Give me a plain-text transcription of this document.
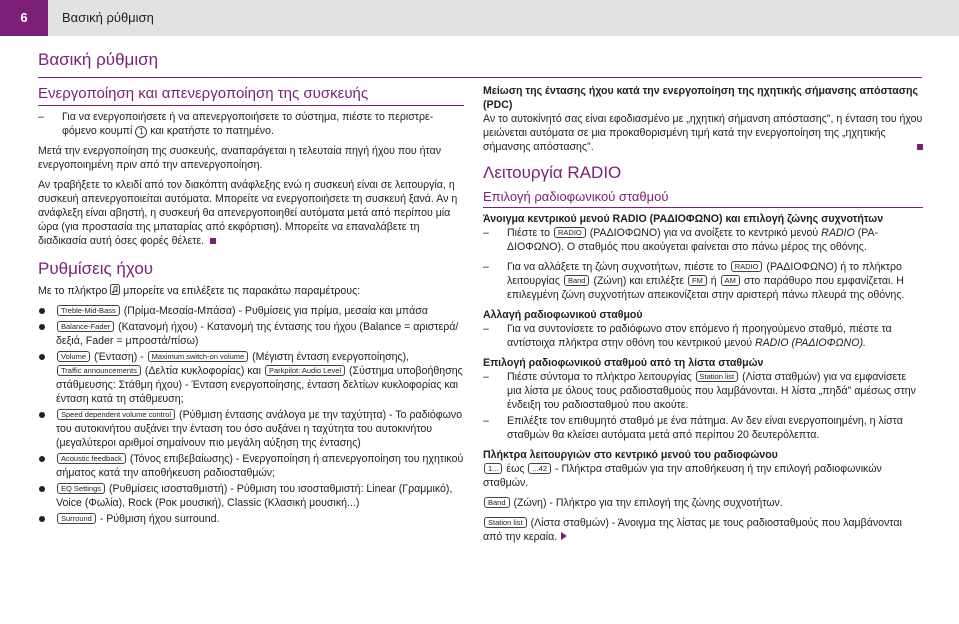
6	Βασική ρύθμιση
Βασική ρύθμιση
Ενεργοποίηση και απενεργοποίηση της συσκευής
– Για να ενεργοποιήσετε ή να απενεργοποιήσετε το σύστημα, πιέστε το περιστρεφόμενο κουμπί 1 και κρατήστε το πατημένο.

Μετά την ενεργοποίηση της συσκευής, αναπαράγεται η τελευταία πηγή ήχου που ήταν ενεργοποιημένη πριν από την απενεργοποίηση.

Αν τραβήξετε το κλειδί από τον διακόπτη ανάφλεξης ενώ η συσκευή είναι σε λειτουργία, η συσκευή απενεργοποιείται αυτόματα. Μπορείτε να ενεργοποιήσετε τη συσκευή ξανά. Αν η ανάφλεξη είναι αβηστή, η συσκευή θα απενεργοποιηθεί αυτόματα μετά από περίπου μία ώρα (για προστασία της μπαταρίας από εκφόρτιση). Μπορείτε να επαναλάβετε τη διαδικασία αυτή όσες φορές θέλετε.

Ρυθμίσεις ήχου

Με το πλήκτρο μπορείτε να επιλέξετε τις παρακάτω παραμέτρους:

Treble-Mid-Bass (Πρίμα-Μεσαία-Μπάσα) - Ρυθμίσεις για πρίμα, μεσαία και μπάσα
Balance-Fader (Κατανομή ήχου) - Κατανομή της έντασης του ήχου (Balance = αριστερά/δεξιά, Fader = μπροστά/πίσω)
Volume (Ένταση) - Maximum switch-on volume (Μέγιστη ένταση ενεργοποίησης), Traffic announcements (Δελτία κυκλοφορίας) και Parkpilot: Audio Level (Σύστημα υποβοήθησης στάθμευσης: Στάθμη ήχου) - Ένταση ενεργοποίησης, ένταση δελτίων κυκλοφορίας και ένταση κατά τη στάθμευση;
Speed dependent volume control (Ρύθμιση έντασης ανάλογα με την ταχύτητα) - Το ραδιόφωνο του αυτοκινήτου αυξάνει την ένταση του όσο αυξάνει η ταχύτητα του αυτοκινήτου (μεγαλύτεροι αριθμοί σημαίνουν πιο μεγάλη αύξηση της έντασης)
Acoustic feedback (Τόνος επιβεβαίωσης) - Ενεργοποίηση ή απενεργοποίηση του ηχητικού σήματος κατά την αποθήκευση ραδιοσταθμών;
EQ Settings (Ρυθμίσεις ισοσταθμιστή) - Ρύθμιση του ισοσταθμιστή: Linear (Γραμμικό), Voice (Φωλία), Rock (Ροκ μουσική), Classic (Κλασική μουσική...)
Surround - Ρύθμιση ήχου surround.

Μείωση της έντασης ήχου κατά την ενεργοποίηση της ηχητικής σήμανσης απόστασης (PDC)

Αν το αυτοκίνητό σας είναι εφοδιασμένο με „ηχητική σήμανση απόστασης", η ένταση του ήχου μειώνεται αυτόματα σε μια προκαθορισμένη τιμή κατά την ενεργοποίηση της „ηχητικής σήμανσης απόστασης".

Λειτουργία RADIO
Επιλογή ραδιοφωνικού σταθμού

Άνοιγμα κεντρικού μενού RADIO (ΡΑΔΙΟΦΩΝΟ) και επιλογή ζώνης συχνοτήτων

– Πιέστε το RADIO (ΡΑΔΙΟΦΩΝΟ) για να ανοίξετε το κεντρικό μενού RADIO (ΡΑΔΙΟΦΩΝΟ). Ο σταθμός που ακούγεται φαίνεται στο πάνω μέρος της οθόνης.
– Για να αλλάξετε τη ζώνη συχνοτήτων, πιέστε το RADIO (ΡΑΔΙΟΦΩΝΟ) ή το πλήκτρο λειτουργίας Band (Ζώνη) και επιλέξτε FM ή AM στο παράθυρο που εμφανίζεται. Η επιλεγμένη ζώνη συχνοτήτων απεικονίζεται στην αριστερή πάνω πλευρά της οθόνης.

Αλλαγή ραδιοφωνικού σταθμού

– Για να συντονίσετε το ραδιόφωνο στον επόμενο ή προηγούμενο σταθμό, πιέστε τα αντίστοιχα πλήκτρα στην οθόνη του κεντρικού μενού RADIO (ΡΑΔΙΟΦΩΝΟ).

Επιλογή ραδιοφωνικού σταθμού από τη λίστα σταθμών

– Πιέστε σύντομα το πλήκτρο λειτουργίας Station list (Λίστα σταθμών) για να εμφανίσετε μια λίστα με όλους τους ραδιοσταθμούς που λαμβάνονται. Η λίστα „πηδά" αμέσως στην ένδειξη του ραδιοσταθμού που ακούτε.
– Επιλέξτε τον επιθυμητό σταθμό με ένα πάτημα. Αν δεν είναι ενεργοποιημένη, η λίστα σταθμών θα κλείσει αυτόματα μετά από περίπου 20 δευτερόλεπτα.

Πλήκτρα λειτουργιών στο κεντρικό μενού του ραδιοφώνου

1... έως ...42 - Πλήκτρα σταθμών για την αποθήκευση ή την επιλογή ραδιοφωνικών σταθμών.

Band (Ζώνη) - Πλήκτρο για την επιλογή της ζώνης συχνοτήτων.

Station list (Λίστα σταθμών) - Άνοιγμα της λίστας με τους ραδιοσταθμούς που λαμβάνονται από την κεραία.
